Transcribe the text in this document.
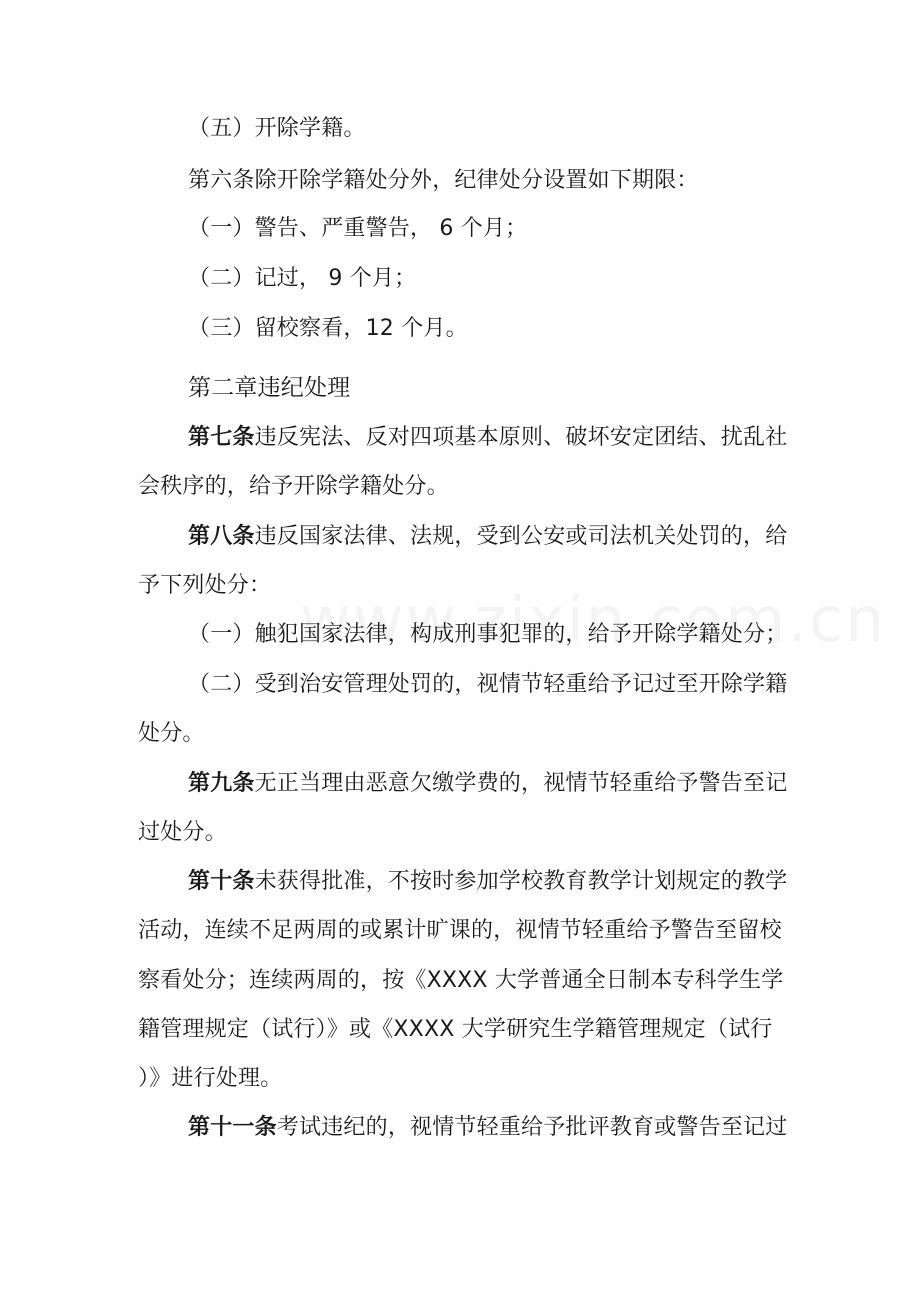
（五）开除学籍。
第六条除开除学籍处分外，纪律处分设置如下期限：
（一）警告、严重警告， 6 个月；
（二）记过， 9 个月；
（三）留校察看，12 个月。
第二章违纪处理
第七条违反宪法、反对四项基本原则、破坏安定团结、扰乱社
会秩序的，给予开除学籍处分。
第八条违反国家法律、法规，受到公安或司法机关处罚的，给
予下列处分：
（一）触犯国家法律，构成刑事犯罪的，给予开除学籍处分；
（二）受到治安管理处罚的，视情节轻重给予记过至开除学籍
处分。
第九条无正当理由恶意欠缴学费的，视情节轻重给予警告至记
过处分。
第十条未获得批准，不按时参加学校教育教学计划规定的教学
活动，连续不足两周的或累计旷课的，视情节轻重给予警告至留校
察看处分；连续两周的，按《XXXX 大学普通全日制本专科学生学
籍管理规定（试行）》或《XXXX 大学研究生学籍管理规定（试行
）》进行处理。
第十一条考试违纪的，视情节轻重给予批评教育或警告至记过
